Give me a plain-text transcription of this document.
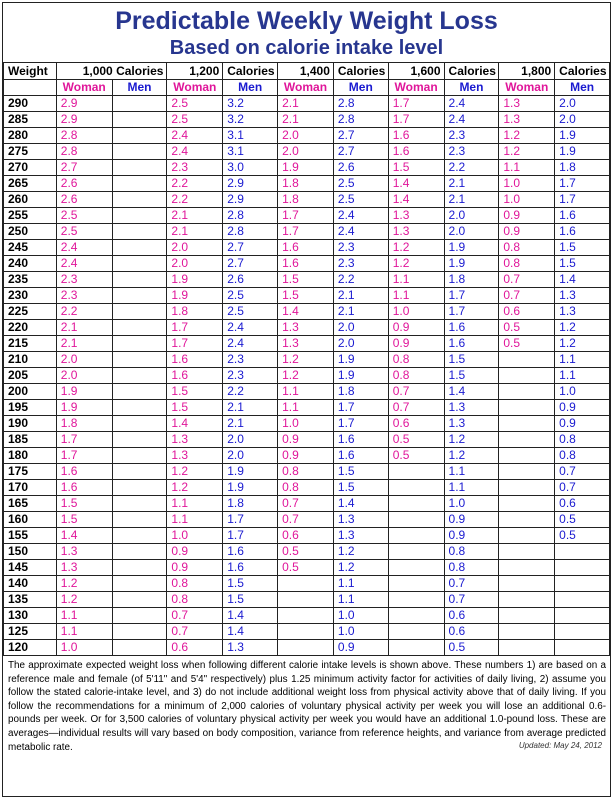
Predictable Weekly Weight Loss
Based on calorie intake level
Weight	1,000 Calories		1,200	Calories	1,400	Calories	1,600	Calories	1,800	Calories
	Woman	Men	Woman	Men	Woman	Men	Woman	Men	Woman	Men
290	2.9		2.5	3.2	2.1	2.8	1.7	2.4	1.3	2.0
285	2.9		2.5	3.2	2.1	2.8	1.7	2.4	1.3	2.0
280	2.8		2.4	3.1	2.0	2.7	1.6	2.3	1.2	1.9
275	2.8		2.4	3.1	2.0	2.7	1.6	2.3	1.2	1.9
270	2.7		2.3	3.0	1.9	2.6	1.5	2.2	1.1	1.8
265	2.6		2.2	2.9	1.8	2.5	1.4	2.1	1.0	1.7
260	2.6		2.2	2.9	1.8	2.5	1.4	2.1	1.0	1.7
255	2.5		2.1	2.8	1.7	2.4	1.3	2.0	0.9	1.6
250	2.5		2.1	2.8	1.7	2.4	1.3	2.0	0.9	1.6
245	2.4		2.0	2.7	1.6	2.3	1.2	1.9	0.8	1.5
240	2.4		2.0	2.7	1.6	2.3	1.2	1.9	0.8	1.5
235	2.3		1.9	2.6	1.5	2.2	1.1	1.8	0.7	1.4
230	2.3		1.9	2.5	1.5	2.1	1.1	1.7	0.7	1.3
225	2.2		1.8	2.5	1.4	2.1	1.0	1.7	0.6	1.3
220	2.1		1.7	2.4	1.3	2.0	0.9	1.6	0.5	1.2
215	2.1		1.7	2.4	1.3	2.0	0.9	1.6	0.5	1.2
210	2.0		1.6	2.3	1.2	1.9	0.8	1.5		1.1
205	2.0		1.6	2.3	1.2	1.9	0.8	1.5		1.1
200	1.9		1.5	2.2	1.1	1.8	0.7	1.4		1.0
195	1.9		1.5	2.1	1.1	1.7	0.7	1.3		0.9
190	1.8		1.4	2.1	1.0	1.7	0.6	1.3		0.9
185	1.7		1.3	2.0	0.9	1.6	0.5	1.2		0.8
180	1.7		1.3	2.0	0.9	1.6	0.5	1.2		0.8
175	1.6		1.2	1.9	0.8	1.5		1.1		0.7
170	1.6		1.2	1.9	0.8	1.5		1.1		0.7
165	1.5		1.1	1.8	0.7	1.4		1.0		0.6
160	1.5		1.1	1.7	0.7	1.3		0.9		0.5
155	1.4		1.0	1.7	0.6	1.3		0.9		0.5
150	1.3		0.9	1.6	0.5	1.2		0.8		
145	1.3		0.9	1.6	0.5	1.2		0.8		
140	1.2		0.8	1.5		1.1		0.7		
135	1.2		0.8	1.5		1.1		0.7		
130	1.1		0.7	1.4		1.0		0.6		
125	1.1		0.7	1.4		1.0		0.6		
120	1.0		0.6	1.3		0.9		0.5		
The approximate expected weight loss when following different calorie intake levels is shown above. These numbers 1) are based on a reference male and female (of 5'11" and 5'4" respectively) plus 1.25 minimum activity factor for activities of daily living, 2) assume you follow the stated calorie-intake level, and 3) do not include additional weight loss from physical activity above that of daily living. If you follow the recommendations for a minimum of 2,000 calories of voluntary physical activity per week you will lose an additional 0.6-pounds per week. Or for 3,500 calories of voluntary physical activity per week you would have an additional 1.0-pound loss. These are averages—individual results will vary based on body composition, variance from reference heights, and variance from average predicted metabolic rate.	Updated: May 24, 2012
